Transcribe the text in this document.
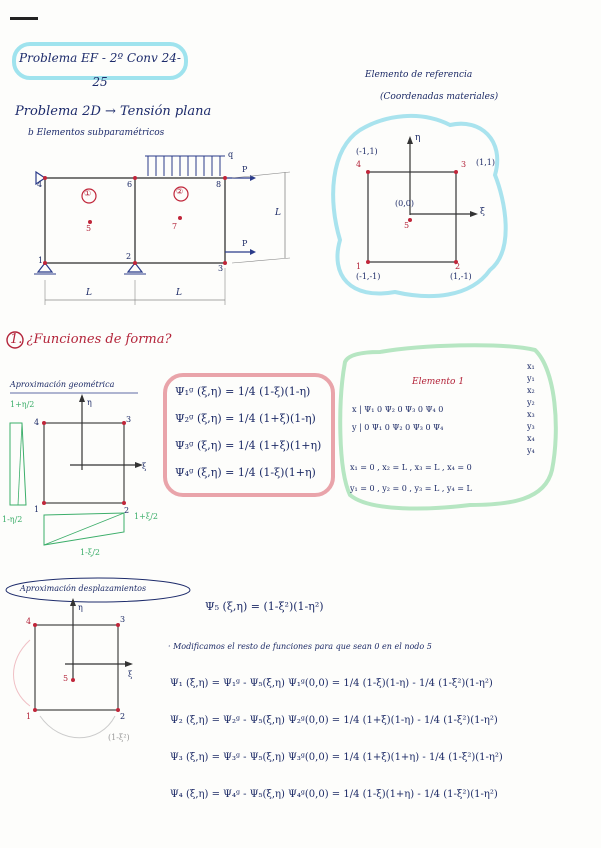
Problema EF - 2º Conv 24-25
Problema 2D → Tensión plana
b Elementos subparamétricos
4	6	8
1	2
3
5	7
①	②
q
P
P
L	L
L
Elemento de referencia
(Coordenadas materiales)
η
ξ
(-1,1)
4	3 (1,1)
(0,0)
5
1
(-1,-1)
2
(1,-1)
1. ¿Funciones de forma?
Aproximación geométrica
4	3
1	2
η
ξ
1+η/2
1-η/2	1+ξ/2
1-ξ/2
Ψ₁ᵍ (ξ,η) = 1/4 (1-ξ)(1-η)
Ψ₂ᵍ (ξ,η) = 1/4 (1+ξ)(1-η)
Ψ₃ᵍ (ξ,η) = 1/4 (1+ξ)(1+η)
Ψ₄ᵍ (ξ,η) = 1/4 (1-ξ)(1+η)
Elemento 1
x | Ψ₁ 0 Ψ₂ 0 Ψ₃ 0 Ψ₄ 0
y | 0 Ψ₁ 0 Ψ₂ 0 Ψ₃ 0 Ψ₄
x₁
y₁
x₂
y₂
x₃
y₃
x₄
y₄
x₁ = 0 , x₂ = L , x₃ = L , x₄ = 0
y₁ = 0 , y₂ = 0 , y₃ = L , y₄ = L
Aproximación desplazamientos
Ψ₅ (ξ,η) = (1-ξ²)(1-η²)
· Modificamos el resto de funciones para que sean 0 en el nodo 5
4	3
5
1	2
η
ξ
(1-ξ²)
Ψ₁ (ξ,η) = Ψ₁ᵍ - Ψ₅(ξ,η) Ψ₁ᵍ(0,0) = 1/4 (1-ξ)(1-η) - 1/4 (1-ξ²)(1-η²)
Ψ₂ (ξ,η) = Ψ₂ᵍ - Ψ₅(ξ,η) Ψ₂ᵍ(0,0) = 1/4 (1+ξ)(1-η) - 1/4 (1-ξ²)(1-η²)
Ψ₃ (ξ,η) = Ψ₃ᵍ - Ψ₅(ξ,η) Ψ₃ᵍ(0,0) = 1/4 (1+ξ)(1+η) - 1/4 (1-ξ²)(1-η²)
Ψ₄ (ξ,η) = Ψ₄ᵍ - Ψ₅(ξ,η) Ψ₄ᵍ(0,0) = 1/4 (1-ξ)(1+η) - 1/4 (1-ξ²)(1-η²)
